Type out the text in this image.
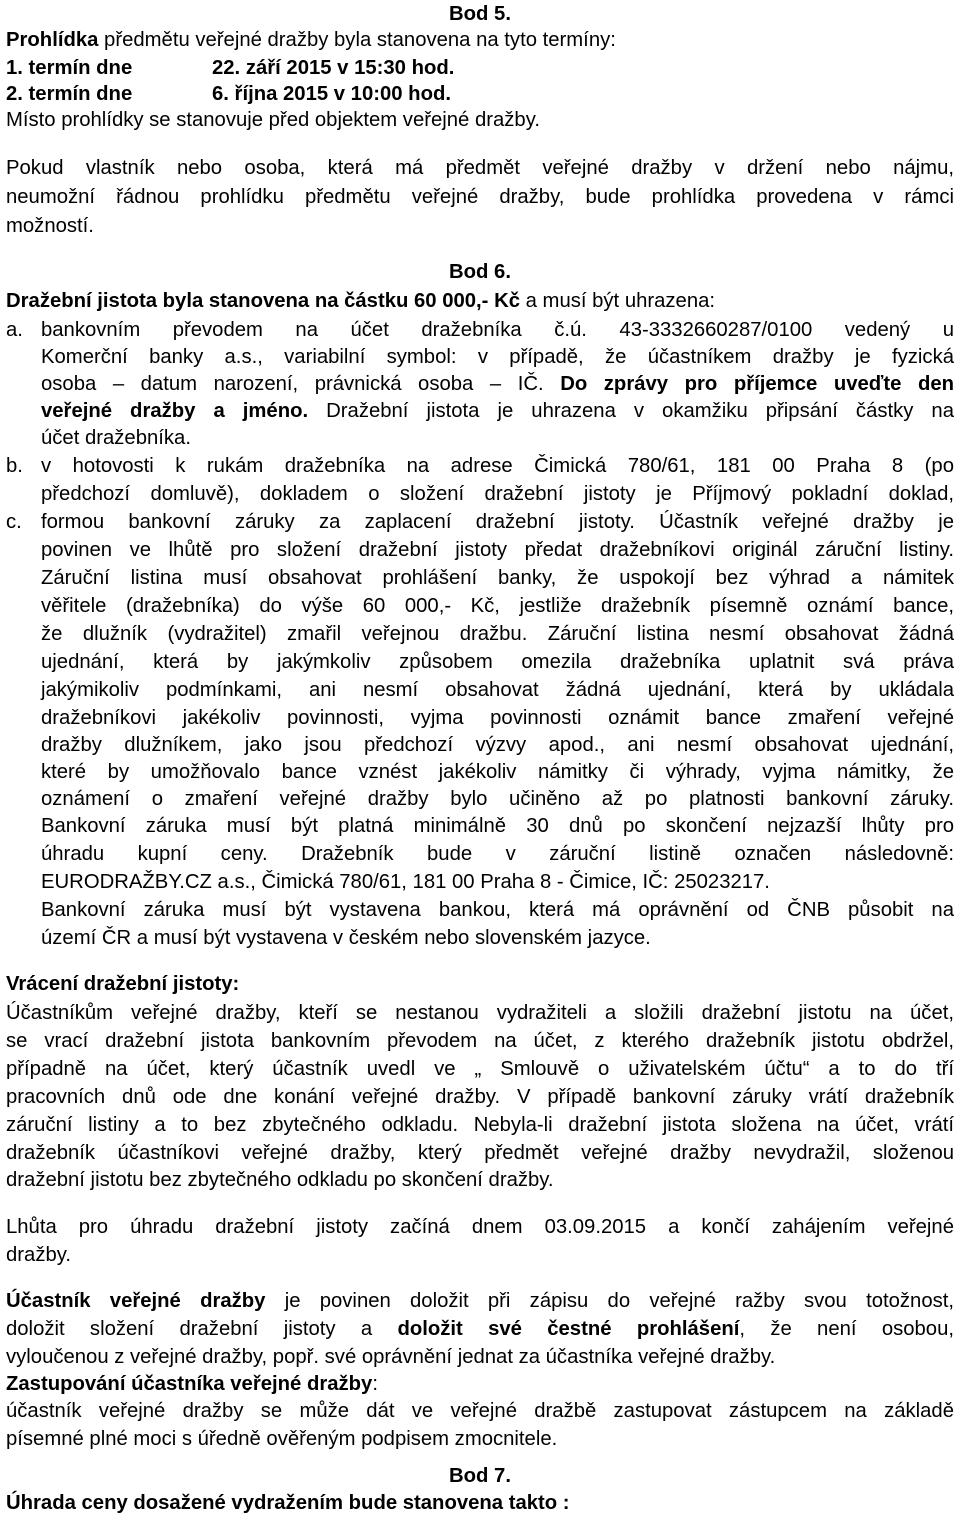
Bod 5.
Prohlídka předmětu veřejné dražby byla stanovena na tyto termíny:
1. termín dne	22. září 2015 v 15:30 hod.
2. termín dne	6. října 2015 v 10:00 hod.
Místo prohlídky se stanovuje před objektem veřejné dražby.
Pokud vlastník nebo osoba, která má předmět veřejné dražby v držení nebo nájmu,
neumožní řádnou prohlídku předmětu veřejné dražby, bude prohlídka provedena v rámci
možností.
Bod 6.
Dražební jistota byla stanovena na částku 60 000,- Kč a musí být uhrazena:
a. bankovním převodem na účet dražebníka č.ú. 43-3332660287/0100 vedený u
Komerční banky a.s., variabilní symbol: v případě, že účastníkem dražby je fyzická
osoba – datum narození, právnická osoba – IČ. Do zprávy pro příjemce uveďte den
veřejné dražby a jméno. Dražební jistota je uhrazena v okamžiku připsání částky na
účet dražebníka.
b. v hotovosti k rukám dražebníka na adrese Čimická 780/61, 181 00 Praha 8 (po
předchozí domluvě), dokladem o složení dražební jistoty je Příjmový pokladní doklad,
c. formou bankovní záruky za zaplacení dražební jistoty. Účastník veřejné dražby je
povinen ve lhůtě pro složení dražební jistoty předat dražebníkovi originál záruční listiny.
Záruční listina musí obsahovat prohlášení banky, že uspokojí bez výhrad a námitek
věřitele (dražebníka) do výše 60 000,- Kč, jestliže dražebník písemně oznámí bance,
že dlužník (vydražitel) zmařil veřejnou dražbu. Záruční listina nesmí obsahovat žádná
ujednání, která by jakýmkoliv způsobem omezila dražebníka uplatnit svá práva
jakýmikoliv podmínkami, ani nesmí obsahovat žádná ujednání, která by ukládala
dražebníkovi jakékoliv povinnosti, vyjma povinnosti oznámit bance zmaření veřejné
dražby dlužníkem, jako jsou předchozí výzvy apod., ani nesmí obsahovat ujednání,
které by umožňovalo bance vznést jakékoliv námitky či výhrady, vyjma námitky, že
oznámení o zmaření veřejné dražby bylo učiněno až po platnosti bankovní záruky.
Bankovní záruka musí být platná minimálně 30 dnů po skončení nejzazší lhůty pro
úhradu kupní ceny. Dražebník bude v záruční listině označen následovně:
EURODRAŽBY.CZ a.s., Čimická 780/61, 181 00 Praha 8 - Čimice, IČ: 25023217.
Bankovní záruka musí být vystavena bankou, která má oprávnění od ČNB působit na
území ČR a musí být vystavena v českém nebo slovenském jazyce.
Vrácení dražební jistoty:
Účastníkům veřejné dražby, kteří se nestanou vydražiteli a složili dražební jistotu na účet,
se vrací dražební jistota bankovním převodem na účet, z kterého dražebník jistotu obdržel,
případně na účet, který účastník uvedl ve „ Smlouvě o uživatelském účtu“ a to do tří
pracovních dnů ode dne konání veřejné dražby. V případě bankovní záruky vrátí dražebník
záruční listiny a to bez zbytečného odkladu. Nebyla-li dražební jistota složena na účet, vrátí
dražebník účastníkovi veřejné dražby, který předmět veřejné dražby nevydražil, složenou
dražební jistotu bez zbytečného odkladu po skončení dražby.
Lhůta pro úhradu dražební jistoty začíná dnem 03.09.2015 a končí zahájením veřejné
dražby.
Účastník veřejné dražby je povinen doložit při zápisu do veřejné ražby svou totožnost,
doložit složení dražební jistoty a doložit své čestné prohlášení, že není osobou,
vyloučenou z veřejné dražby, popř. své oprávnění jednat za účastníka veřejné dražby.
Zastupování účastníka veřejné dražby:
účastník veřejné dražby se může dát ve veřejné dražbě zastupovat zástupcem na základě
písemné plné moci s úředně ověřeným podpisem zmocnitele.
Bod 7.
Úhrada ceny dosažené vydražením bude stanovena takto :
